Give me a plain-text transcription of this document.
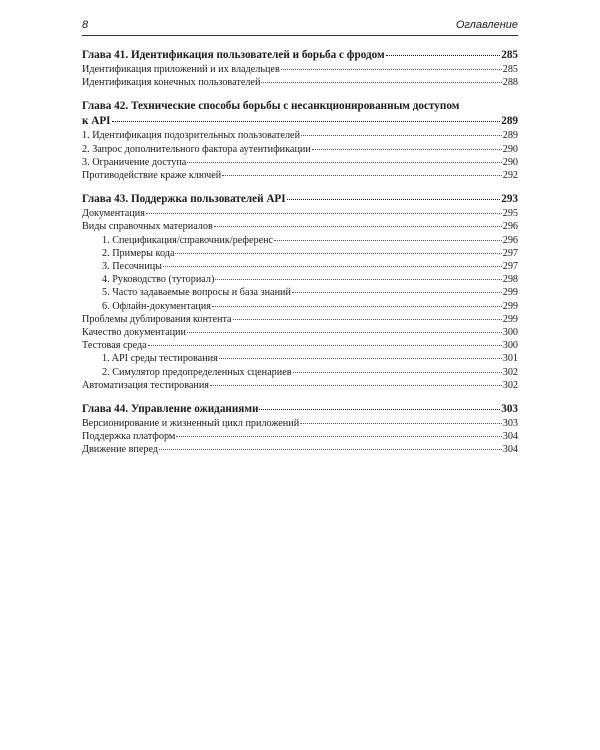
8	Оглавление
Глава 41. Идентификация пользователей и борьба с фродом	285
Идентификация приложений и их владельцев	285
Идентификация конечных пользователей	288
Глава 42. Технические способы борьбы с несанкционированным доступом
к API	289
1. Идентификация подозрительных пользователей	289
2. Запрос дополнительного фактора аутентификации	290
3. Ограничение доступа	290
Противодействие краже ключей	292
Глава 43. Поддержка пользователей API	293
Документация	295
Виды справочных материалов	296
1. Спецификация/справочник/референс	296
2. Примеры кода	297
3. Песочницы	297
4. Руководство (туториал)	298
5. Часто задаваемые вопросы и база знаний	299
6. Офлайн-документация	299
Проблемы дублирования контента	299
Качество документации	300
Тестовая среда	300
1. API среды тестирования	301
2. Симулятор предопределенных сценариев	302
Автоматизация тестирования	302
Глава 44. Управление ожиданиями	303
Версионирование и жизненный цикл приложений	303
Поддержка платформ	304
Движение вперед	304
